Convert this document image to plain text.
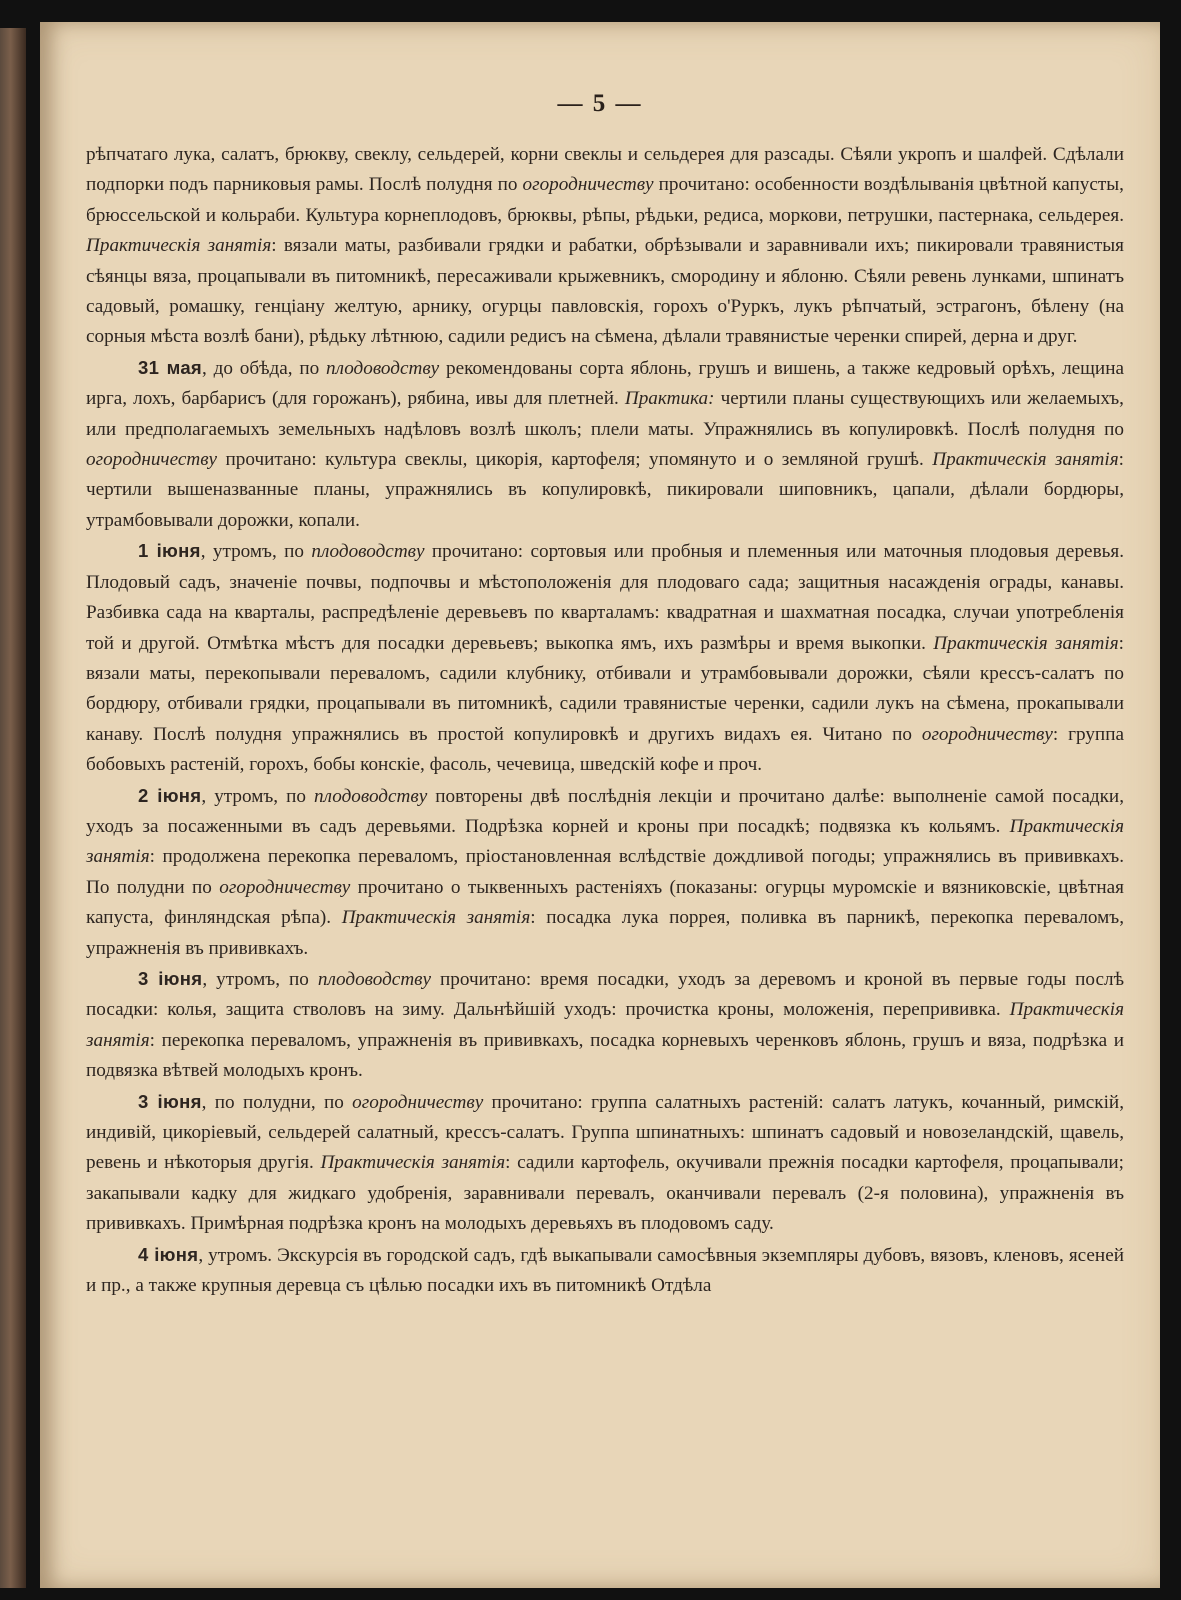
— 5 —

рѣпчатаго лука, салатъ, брюкву, свеклу, сельдерей, корни свеклы и сельдерея для разсады. Сѣяли укропъ и шалфей. Сдѣлали подпорки подъ парниковыя рамы. Послѣ полудня по огородничеству прочитано: особенности воздѣлыванія цвѣтной капусты, брюссельской и кольраби. Культура корнеплодовъ, брюквы, рѣпы, рѣдьки, редиса, моркови, петрушки, пастернака, сельдерея. Практическія занятія: вязали маты, разбивали грядки и рабатки, обрѣзывали и заравнивали ихъ; пикировали травянистыя сѣянцы вяза, процапывали въ питомникѣ, пересаживали крыжевникъ, смородину и яблоню. Сѣяли ревень лунками, шпинатъ садовый, ромашку, генціану желтую, арнику, огурцы павловскія, горохъ о'Руркъ, лукъ рѣпчатый, эстрагонъ, бѣлену (на сорныя мѣста возлѣ бани), рѣдьку лѣтнюю, садили редисъ на сѣмена, дѣлали травянистые черенки спирей, дерна и друг.

31 мая, до обѣда, по плодоводству рекомендованы сорта яблонь, грушъ и вишень, а также кедровый орѣхъ, лещина ирга, лохъ, барбарисъ (для горожанъ), рябина, ивы для плетней. Практика: чертили планы существующихъ или желаемыхъ, или предполагаемыхъ земельныхъ надѣловъ возлѣ школъ; плели маты. Упражнялись въ копулировкѣ. Послѣ полудня по огородничеству прочитано: культура свеклы, цикорія, картофеля; упомянуто и о земляной грушѣ. Практическія занятія: чертили вышеназванные планы, упражнялись въ копулировкѣ, пикировали шиповникъ, цапали, дѣлали бордюры, утрамбовывали дорожки, копали.

1 іюня, утромъ, по плодоводству прочитано: сортовыя или пробныя и племенныя или маточныя плодовыя деревья. Плодовый садъ, значеніе почвы, подпочвы и мѣстоположенія для плодоваго сада; защитныя насажденія ограды, канавы. Разбивка сада на кварталы, распредѣленіе деревьевъ по кварталамъ: квадратная и шахматная посадка, случаи употребленія той и другой. Отмѣтка мѣстъ для посадки деревьевъ; выкопка ямъ, ихъ размѣры и время выкопки. Практическія занятія: вязали маты, перекопывали переваломъ, садили клубнику, отбивали и утрамбовывали дорожки, сѣяли крессъ-салатъ по бордюру, отбивали грядки, процапывали въ питомникѣ, садили травянистые черенки, садили лукъ на сѣмена, прокапывали канаву. Послѣ полудня упражнялись въ простой копулировкѣ и другихъ видахъ ея. Читано по огородничеству: группа бобовыхъ растеній, горохъ, бобы конскіе, фасоль, чечевица, шведскій кофе и проч.

2 іюня, утромъ, по плодоводству повторены двѣ послѣднія лекціи и прочитано далѣе: выполненіе самой посадки, уходъ за посаженными въ садъ деревьями. Подрѣзка корней и кроны при посадкѣ; подвязка къ кольямъ. Практическія занятія: продолжена перекопка переваломъ, пріостановленная вслѣдствіе дождливой погоды; упражнялись въ прививкахъ. По полудни по огородничеству прочитано о тыквенныхъ растеніяхъ (показаны: огурцы муромскіе и вязниковскіе, цвѣтная капуста, финляндская рѣпа). Практическія занятія: посадка лука поррея, поливка въ парникѣ, перекопка переваломъ, упражненія въ прививкахъ.

3 іюня, утромъ, по плодоводству прочитано: время посадки, уходъ за деревомъ и кроной въ первые годы послѣ посадки: колья, защита стволовъ на зиму. Дальнѣйшій уходъ: прочистка кроны, моложенія, перепрививка. Практическія занятія: перекопка переваломъ, упражненія въ прививкахъ, посадка корневыхъ черенковъ яблонь, грушъ и вяза, подрѣзка и подвязка вѣтвей молодыхъ кронъ.

3 іюня, по полудни, по огородничеству прочитано: группа салатныхъ растеній: салатъ латукъ, кочанный, римскій, индивій, цикоріевый, сельдерей салатный, крессъ-салатъ. Группа шпинатныхъ: шпинатъ садовый и новозеландскій, щавель, ревень и нѣкоторыя другія. Практическія занятія: садили картофель, окучивали прежнія посадки картофеля, процапывали; закапывали кадку для жидкаго удобренія, заравнивали перевалъ, оканчивали перевалъ (2-я половина), упражненія въ прививкахъ. Примѣрная подрѣзка кронъ на молодыхъ деревьяхъ въ плодовомъ саду.

4 іюня, утромъ. Экскурсія въ городской садъ, гдѣ выкапывали самосѣвныя экземпляры дубовъ, вязовъ, кленовъ, ясеней и пр., а также крупныя деревца съ цѣлью посадки ихъ въ питомникѣ Отдѣла
